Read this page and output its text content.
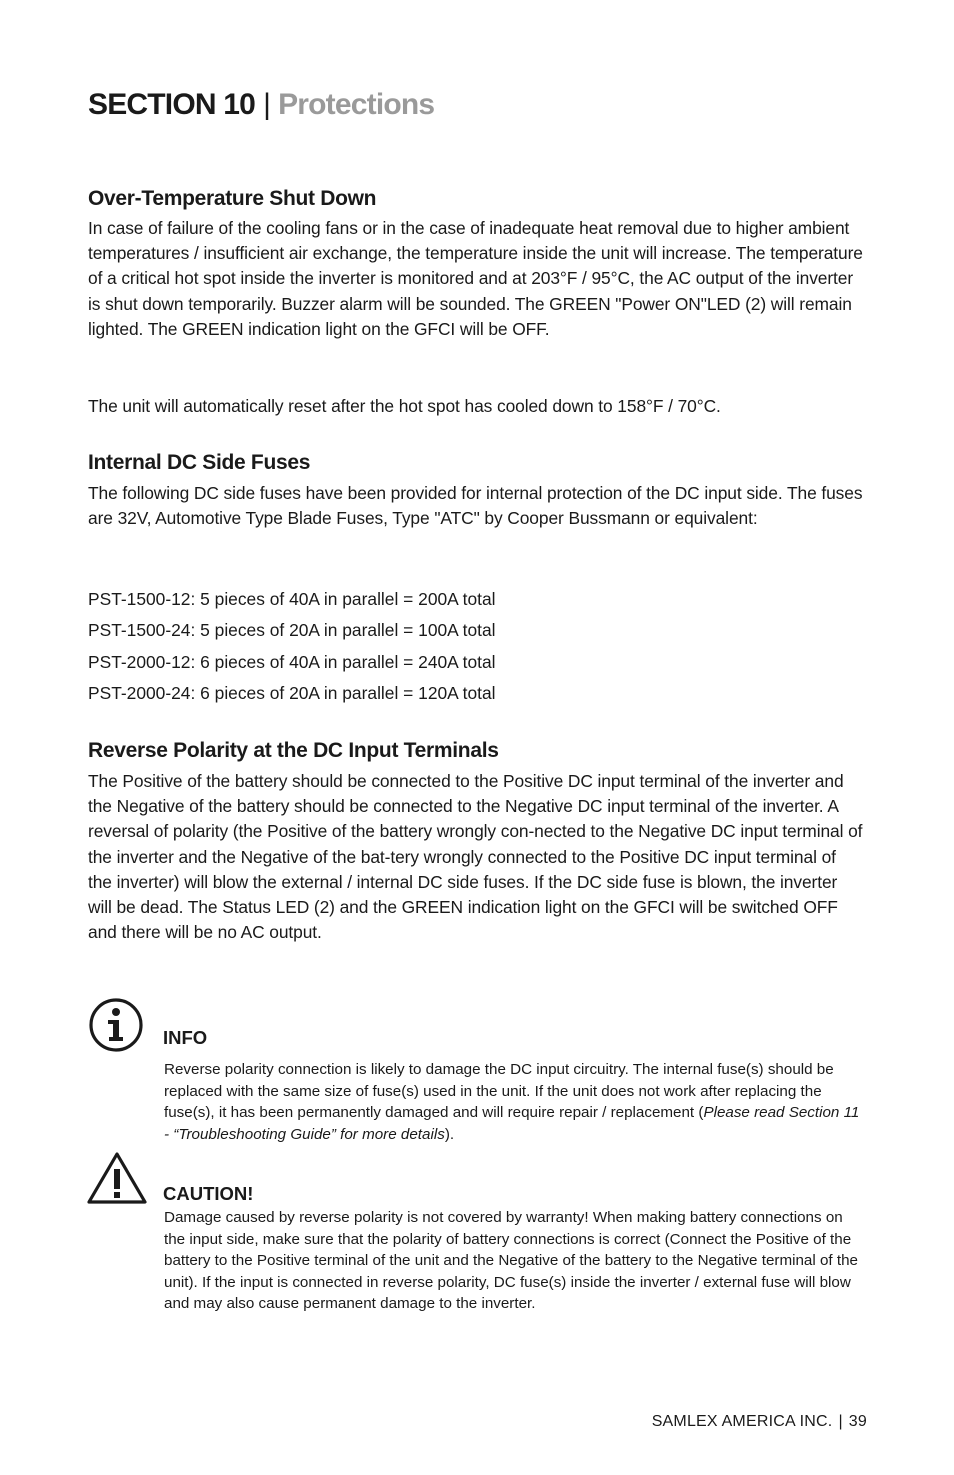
SECTION 10 | Protections
Over-Temperature Shut Down

In case of failure of the cooling fans or in the case of inadequate heat removal due to higher ambient temperatures / insufficient air exchange, the temperature inside the unit will increase. The temperature of a critical hot spot inside the inverter is monitored and at 203°F / 95°C, the AC output of the inverter is shut down temporarily. Buzzer alarm will be sounded. The GREEN "Power ON"LED (2) will remain lighted. The GREEN indication light on the GFCI will be OFF.

The unit will automatically reset after the hot spot has cooled down to 158°F / 70°C.

Internal DC Side Fuses

The following DC side fuses have been provided for internal protection of the DC input side. The fuses are 32V, Automotive Type Blade Fuses, Type "ATC" by Cooper Bussmann or equivalent:

PST-1500-12: 5 pieces of 40A in parallel = 200A total

PST-1500-24: 5 pieces of 20A in parallel = 100A total

PST-2000-12: 6 pieces of 40A in parallel = 240A total

PST-2000-24: 6 pieces of 20A in parallel = 120A total

Reverse Polarity at the DC Input Terminals

The Positive of the battery should be connected to the Positive DC input terminal of the inverter and the Negative of the battery should be connected to the Negative DC input terminal of the inverter. A reversal of polarity (the Positive of the battery wrongly con-nected to the Negative DC input terminal of the inverter and the Negative of the bat-tery wrongly connected to the Positive DC input terminal of the inverter) will blow the external / internal DC side fuses. If the DC side fuse is blown, the inverter will be dead. The Status LED (2) and the GREEN indication light on the GFCI will be switched OFF and there will be no AC output.

INFO

Reverse polarity connection is likely to damage the DC input circuitry. The internal fuse(s) should be replaced with the same size of fuse(s) used in the unit. If the unit does not work after replacing the fuse(s), it has been permanently damaged and will require repair / replacement (Please read Section 11 - “Troubleshooting Guide” for more details).

CAUTION!

Damage caused by reverse polarity is not covered by warranty! When making battery connections on the input side, make sure that the polarity of battery connections is correct (Connect the Positive of the battery to the Positive terminal of the unit and the Negative of the battery to the Negative terminal of the unit). If the input is connected in reverse polarity, DC fuse(s) inside the inverter / external fuse will blow and may also cause permanent damage to the inverter.

SAMLEX AMERICA INC. | 39
